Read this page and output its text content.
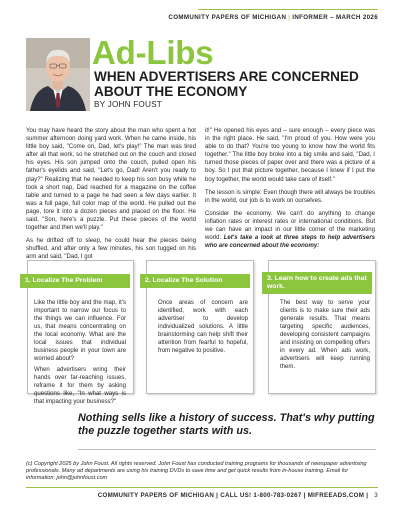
COMMUNITY PAPERS OF MICHIGAN | INFORMER – MARCH 2026
Ad-Libs
WHEN ADVERTISERS ARE CONCERNED ABOUT THE ECONOMY
BY JOHN FOUST

You may have heard the story about the man who spent a hot summer afternoon doing yard work. When he came inside, his little boy said, "Come on, Dad, let's play!" The man was tired after all that work, so he stretched out on the couch and closed his eyes. His son jumped onto the couch, pulled open his father's eyelids and said, "Let's go, Dad! Aren't you ready to play?" Realizing that he needed to keep his son busy while he took a short nap, Dad reached for a magazine on the coffee table and turned to a page he had seen a few days earlier. It was a full page, full color map of the world. He pulled out the page, tore it into a dozen pieces and placed on the floor. He said, "Son, here's a puzzle. Put these pieces of the world together and then we'll play."

As he drifted off to sleep, he could hear the pieces being shuffled, and after only a few minutes, his son tugged on his arm and said, "Dad, I got

it!" He opened his eyes and – sure enough – every piece was in the right place. He said, "I'm proud of you. How were you able to do that? You're too young to know how the world fits together." The little boy broke into a big smile and said, "Dad, I turned those pieces of paper over and there was a picture of a boy. So I put that picture together, because I knew if I put the boy together, the world would take care of itself."

The lesson is simple: Even though there will always be troubles in the world, our job is to work on ourselves.

Consider the economy. We can't do anything to change inflation rates or interest rates or international conditions. But we can have an impact in our little corner of the marketing world. Let's take a look at three steps to help advertisers who are concerned about the economy:

1. Localize The Problem

Like the little boy and the map, it's important to narrow our focus to the things we can influence. For us, that means concentrating on the local economy. What are the local issues that individual business people in your town are worried about?

When advertisers wring their hands over far-reaching issues, reframe it for them by asking questions like, "In what ways is that impacting your business?"

2. Localize The Solution

Once areas of concern are identified, work with each advertiser to develop individualized solutions. A little brainstorming can help shift their attention from fearful to hopeful, from negative to positive.

3. Learn how to create ads that work.

The best way to serve your clients is to make sure their ads generate results. That means targeting specific audiences, developing consistent campaigns and insisting on compelling offers in every ad. When ads work, advertisers will keep running them.

Nothing sells like a history of success. That's why putting the puzzle together starts with us.
(c) Copyright 2025 by John Foust. All rights reserved. John Foust has conducted training programs for thousands of newspaper advertising professionals. Many ad departments are using his training DVDs to save time and get quick results from in-house training. Email for information: john@johnfoust.com
COMMUNITY PAPERS OF MICHIGAN | CALL US! 1-800-783-0267 | MIFREEADS.COM | 3
